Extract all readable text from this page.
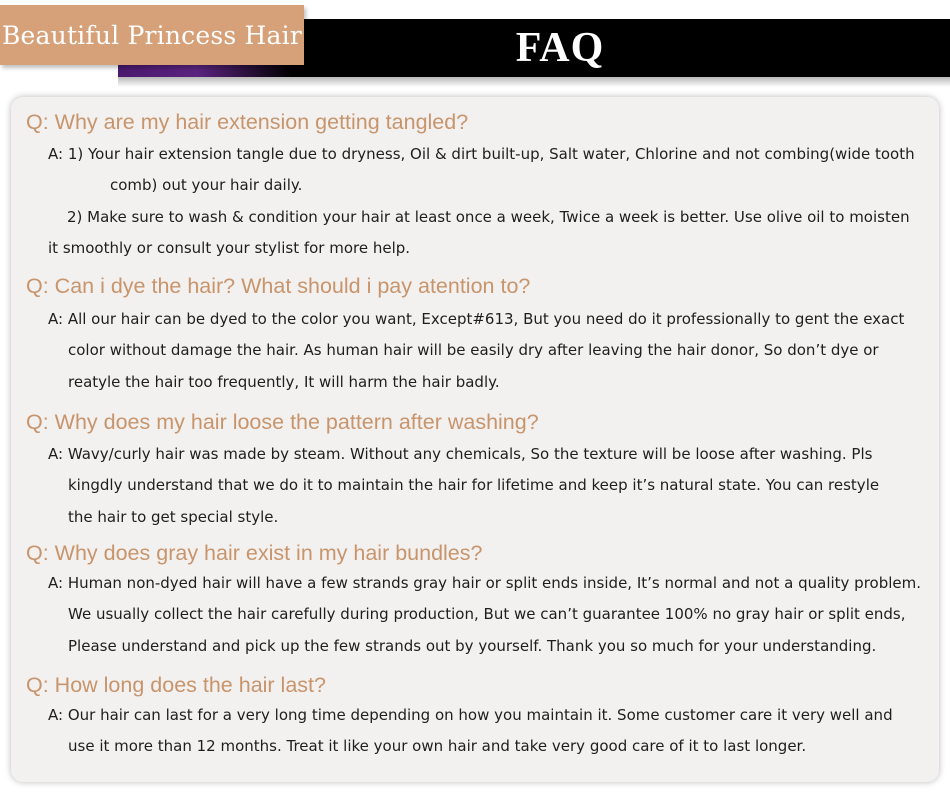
Beautiful Princess Hair	FAQ
Q: Why are my hair extension getting tangled?
A: 1) Your hair extension tangle due to dryness, Oil & dirt built-up, Salt water, Chlorine and not combing(wide tooth
comb) out your hair daily.
2) Make sure to wash & condition your hair at least once a week, Twice a week is better. Use olive oil to moisten
it smoothly or consult your stylist for more help.
Q: Can i dye the hair? What should i pay atention to?
A: All our hair can be dyed to the color you want, Except#613, But you need do it professionally to gent the exact
color without damage the hair. As human hair will be easily dry after leaving the hair donor, So don’t dye or
reatyle the hair too frequently, It will harm the hair badly.
Q: Why does my hair loose the pattern after washing?
A: Wavy/curly hair was made by steam. Without any chemicals, So the texture will be loose after washing. Pls
kingdly understand that we do it to maintain the hair for lifetime and keep it’s natural state. You can restyle
the hair to get special style.
Q: Why does gray hair exist in my hair bundles?
A: Human non-dyed hair will have a few strands gray hair or split ends inside, It’s normal and not a quality problem.
We usually collect the hair carefully during production, But we can’t guarantee 100% no gray hair or split ends,
Please understand and pick up the few strands out by yourself. Thank you so much for your understanding.
Q: How long does the hair last?
A: Our hair can last for a very long time depending on how you maintain it. Some customer care it very well and
use it more than 12 months. Treat it like your own hair and take very good care of it to last longer.
